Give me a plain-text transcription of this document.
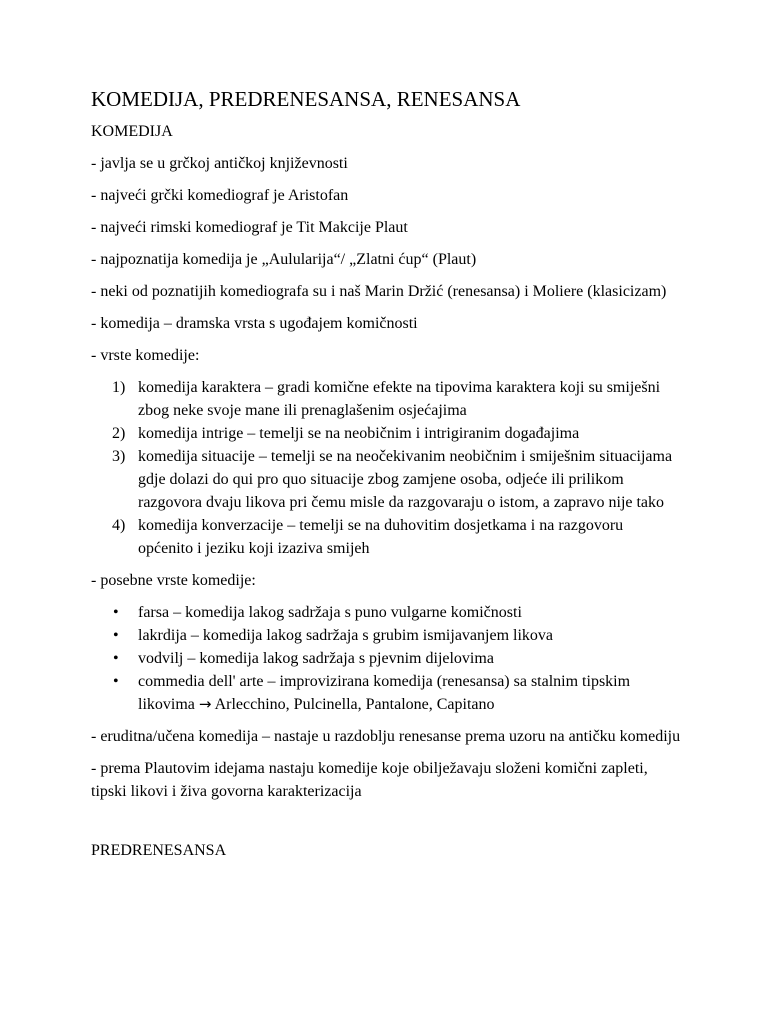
KOMEDIJA, PREDRENESANSA, RENESANSA
KOMEDIJA
- javlja se u grčkoj antičkoj književnosti
- najveći grčki komediograf je Aristofan
- najveći rimski komediograf je Tit Makcije Plaut
- najpoznatija komedija je „Aulularija“/ „Zlatni ćup“ (Plaut)
- neki od poznatijih komediografa su i naš Marin Držić (renesansa) i Moliere (klasicizam)
- komedija – dramska vrsta s ugođajem komičnosti
- vrste komedije:
1) komedija karaktera – gradi komične efekte na tipovima karaktera koji su smiješni zbog neke svoje mane ili prenaglašenim osjećajima
2) komedija intrige – temelji se na neobičnim i intrigiranim događajima
3) komedija situacije – temelji se na neočekivanim neobičnim i smiješnim situacijama gdje dolazi do qui pro quo situacije zbog zamjene osoba, odjeće ili prilikom razgovora dvaju likova pri čemu misle da razgovaraju o istom, a zapravo nije tako
4) komedija konverzacije – temelji se na duhovitim dosjetkama i na razgovoru općenito i jeziku koji izaziva smijeh
- posebne vrste komedije:
• farsa – komedija lakog sadržaja s puno vulgarne komičnosti
• lakrdija – komedija lakog sadržaja s grubim ismijavanjem likova
• vodvilj – komedija lakog sadržaja s pjevnim dijelovima
• commedia dell' arte – improvizirana komedija (renesansa) sa stalnim tipskim likovima → Arlecchino, Pulcinella, Pantalone, Capitano
- eruditna/učena komedija – nastaje u razdoblju renesanse prema uzoru na antičku komediju
- prema Plautovim idejama nastaju komedije koje obilježavaju složeni komični zapleti, tipski likovi i živa govorna karakterizacija
PREDRENESANSA
